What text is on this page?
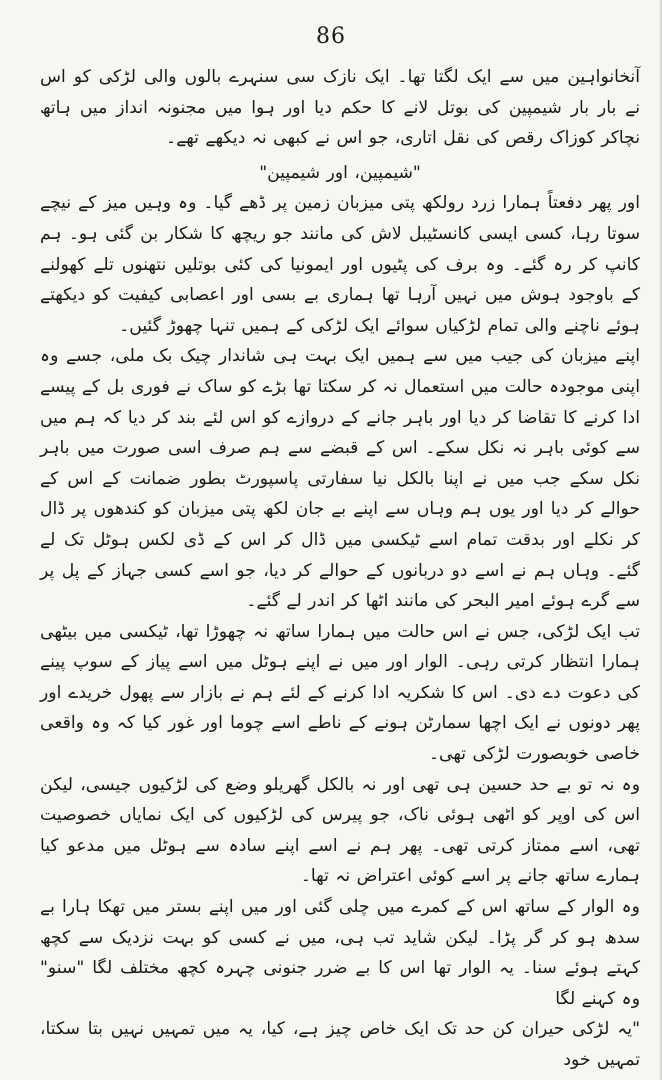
86

آنخانواہین میں سے ایک لگتا تھا۔ ایک نازک سی سنہرے بالوں والی لڑکی کو اس نے بار بار شیمپین کی بوتل لانے کا حکم دیا اور ہوا میں مجنونہ انداز میں ہاتھ نچاکر کوزاک رقص کی نقل اتاری، جو اس نے کبھی نہ دیکھے تھے۔

"شیمپین، اور شیمپین"

اور پھر دفعتاً ہمارا زرد رولکھ پتی میزبان زمین پر ڈھے گیا۔ وہ وہیں میز کے نیچے سوتا رہا، کسی ایسی کانسٹیبل لاش کی مانند جو ریچھ کا شکار بن گئی ہو۔ ہم کانپ کر رہ گئے۔ وہ برف کی پٹیوں اور ایمونیا کی کئی بوتلیں نتھنوں تلے کھولنے کے باوجود ہوش میں نہیں آرہا تھا ہماری بے بسی اور اعصابی کیفیت کو دیکھتے ہوئے ناچنے والی تمام لڑکیاں سوائے ایک لڑکی کے ہمیں تنہا چھوڑ گئیں۔

اپنے میزبان کی جیب میں سے ہمیں ایک بہت ہی شاندار چیک بک ملی، جسے وہ اپنی موجودہ حالت میں استعمال نہ کر سکتا تھا بڑے کو ساک نے فوری بل کے پیسے ادا کرنے کا تقاضا کر دیا اور باہر جانے کے دروازے کو اس لئے بند کر دیا کہ ہم میں سے کوئی باہر نہ نکل سکے۔ اس کے قبضے سے ہم صرف اسی صورت میں باہر نکل سکے جب میں نے اپنا بالکل نیا سفارتی پاسپورٹ بطور ضمانت کے اس کے حوالے کر دیا اور یوں ہم وہاں سے اپنے بے جان لکھ پتی میزبان کو کندھوں پر ڈال کر نکلے اور بدقت تمام اسے ٹیکسی میں ڈال کر اس کے ڈی لکس ہوٹل تک لے گئے۔ وہاں ہم نے اسے دو دربانوں کے حوالے کر دیا، جو اسے کسی جہاز کے پل پر سے گرے ہوئے امیر البحر کی مانند اٹھا کر اندر لے گئے۔

تب ایک لڑکی، جس نے اس حالت میں ہمارا ساتھ نہ چھوڑا تھا، ٹیکسی میں بیٹھی ہمارا انتظار کرتی رہی۔ الوار اور میں نے اپنے ہوٹل میں اسے پیاز کے سوپ پینے کی دعوت دے دی۔ اس کا شکریہ ادا کرنے کے لئے ہم نے بازار سے پھول خریدے اور پھر دونوں نے ایک اچھا سمارٹن ہونے کے ناطے اسے چوما اور غور کیا کہ وہ واقعی خاصی خوبصورت لڑکی تھی۔

وہ نہ تو بے حد حسین ہی تھی اور نہ بالکل گھریلو وضع کی لڑکیوں جیسی، لیکن اس کی اوپر کو اٹھی ہوئی ناک، جو پیرس کی لڑکیوں کی ایک نمایاں خصوصیت تھی، اسے ممتاز کرتی تھی۔ پھر ہم نے اسے اپنے سادہ سے ہوٹل میں مدعو کیا ہمارے ساتھ جانے پر اسے کوئی اعتراض نہ تھا۔

وہ الوار کے ساتھ اس کے کمرے میں چلی گئی اور میں اپنے بستر میں تھکا ہارا بے سدھ ہو کر گر پڑا۔ لیکن شاید تب ہی، میں نے کسی کو بہت نزدیک سے کچھ کہتے ہوئے سنا۔ یہ الوار تھا اس کا بے ضرر جنونی چہرہ کچھ مختلف لگا "سنو" وہ کہنے لگا

"یہ لڑکی حیران کن حد تک ایک خاص چیز ہے، کیا، یہ میں تمہیں نہیں بتا سکتا، تمہیں خود
